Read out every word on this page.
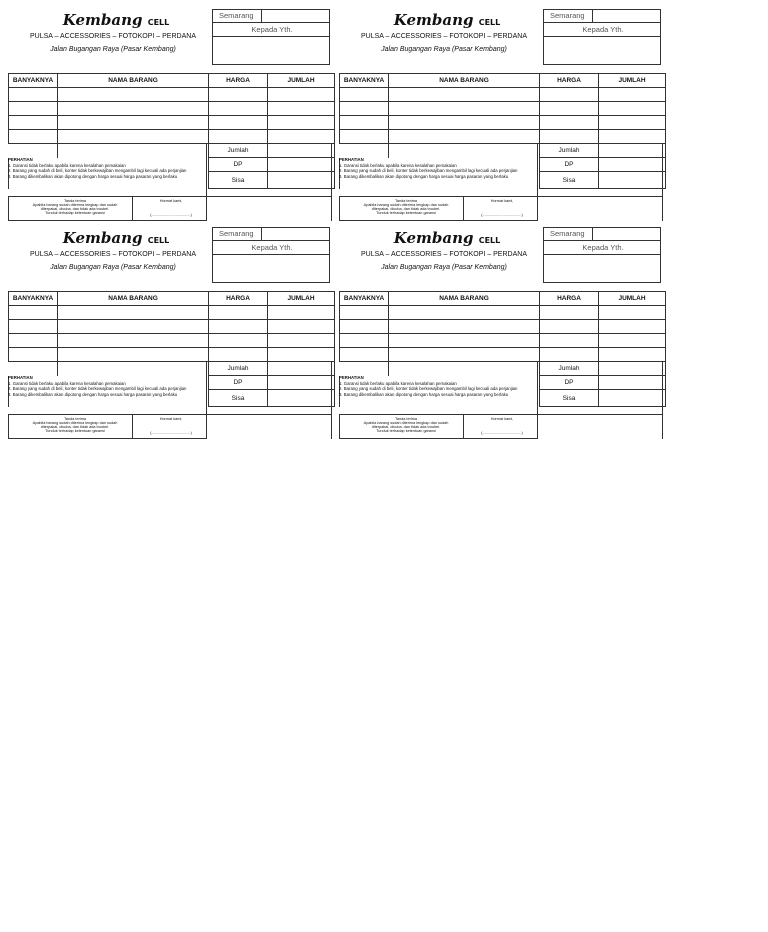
Kembang CELL
PULSA – ACCESSORIES – FOTOKOPI – PERDANA
Jalan Bugangan Raya (Pasar Kembang)
Semarang
Kepada Yth.
BANYAKNYA	NAMA BARANG	HARGA	JUMLAH

		Jumlah	
		DP	
		Sisa	
PERHATIAN
1. Garansi tidak berlaku apabila karena kesalahan pemakaian
2. Barang yang sudah di beli, konter tidak berkewajiban mengambil lagi kecuali ada perjanjian
3. Barang dikembalikan akan dipotong dengan harga sesuai harga pasaran yang berlaku
Tanda terima
Apabila barang sudah diterima lengkap dan sudah
diterpakai, dicuba, dan tidak ada troubel.
Tunduk terhadap ketentuan garansi
Hormat kami,
(.....................................)
Kembang CELL
PULSA – ACCESSORIES – FOTOKOPI – PERDANA
Jalan Bugangan Raya (Pasar Kembang)
Semarang
Kepada Yth.
BANYAKNYA	NAMA BARANG	HARGA	JUMLAH

		Jumlah	
		DP	
		Sisa	
PERHATIAN
1. Garansi tidak berlaku apabila karena kesalahan pemakaian
2. Barang yang sudah di beli, konter tidak berkewajiban mengambil lagi kecuali ada perjanjian
3. Barang dikembalikan akan dipotong dengan harga sesuai harga pasaran yang berlaku
Tanda terima
Apabila barang sudah diterima lengkap dan sudah
diterpakai, dicuba, dan tidak ada troubel.
Tunduk terhadap ketentuan garansi
Hormat kami,
(.....................................)
Kembang CELL
PULSA – ACCESSORIES – FOTOKOPI – PERDANA
Jalan Bugangan Raya (Pasar Kembang)
Semarang
Kepada Yth.
BANYAKNYA	NAMA BARANG	HARGA	JUMLAH

		Jumlah	
		DP	
		Sisa	
PERHATIAN
1. Garansi tidak berlaku apabila karena kesalahan pemakaian
2. Barang yang sudah di beli, konter tidak berkewajiban mengambil lagi kecuali ada perjanjian
3. Barang dikembalikan akan dipotong dengan harga sesuai harga pasaran yang berlaku
Tanda terima
Apabila barang sudah diterima lengkap dan sudah
diterpakai, dicuba, dan tidak ada troubel.
Tunduk terhadap ketentuan garansi
Hormat kami,
(.....................................)
Kembang CELL
PULSA – ACCESSORIES – FOTOKOPI – PERDANA
Jalan Bugangan Raya (Pasar Kembang)
Semarang
Kepada Yth.
BANYAKNYA	NAMA BARANG	HARGA	JUMLAH

		Jumlah	
		DP	
		Sisa	
PERHATIAN
1. Garansi tidak berlaku apabila karena kesalahan pemakaian
2. Barang yang sudah di beli, konter tidak berkewajiban mengambil lagi kecuali ada perjanjian
3. Barang dikembalikan akan dipotong dengan harga sesuai harga pasaran yang berlaku
Tanda terima
Apabila barang sudah diterima lengkap dan sudah
diterpakai, dicuba, dan tidak ada troubel.
Tunduk terhadap ketentuan garansi
Hormat kami,
(.....................................)
